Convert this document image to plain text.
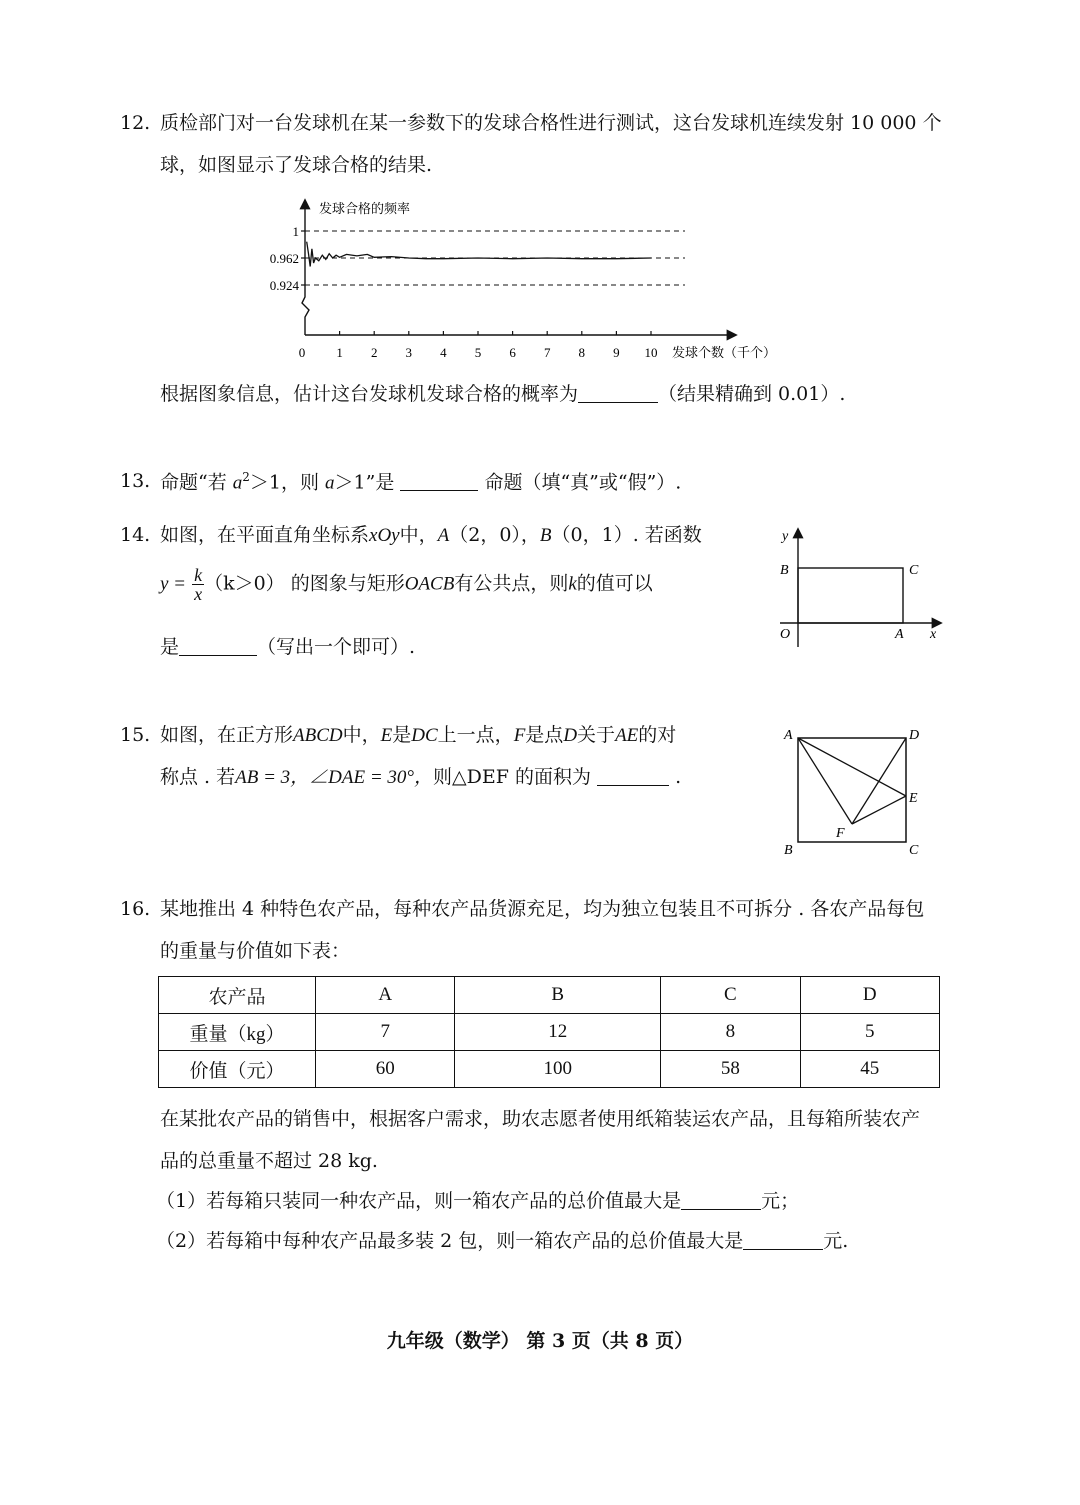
12. 质检部门对一台发球机在某一参数下的发球合格性进行测试，这台发球机连续发射 10 000 个
球，如图显示了发球合格的结果.
0.924
0.962
1
0 1 2 3 4 5 6 7 8 9 10
发球合格的频率
发球个数（千个）
根据图象信息，估计这台发球机发球合格的概率为	（结果精确到 0.01）.
13. 命题“若 $a^2>1$，则 a＞1”是	命题（填“真”或“假”）.
14. 如图，在平面直角坐标系xOy中，A（2，0），B（0，1）. 若函数
$y = \frac{k}{x} (k>0)$ 的图象与矩形OACB有公共点，则k的值可以
是	（写出一个即可）.
y
B	C
O	A x
15. 如图，在正方形ABCD中，E是DC上一点，F是点D关于AE的对
称点 . 若AB = 3，∠DAE = 30°，则△DEF 的面积为	.
A	D
E
F
B	C
16. 某地推出 4 种特色农产品，每种农产品货源充足，均为独立包装且不可拆分 . 各农产品每包
的重量与价值如下表：
农产品	A	B	C	D
重量（kg）	7	12	8	5
价值（元）	60	100	58	45
在某批农产品的销售中，根据客户需求，助农志愿者使用纸箱装运农产品，且每箱所装农产
品的总重量不超过 28 kg.
（1）若每箱只装同一种农产品，则一箱农产品的总价值最大是	元；
（2）若每箱中每种农产品最多装 2 包，则一箱农产品的总价值最大是	元.
九年级（数学） 第 3 页（共 8 页）
